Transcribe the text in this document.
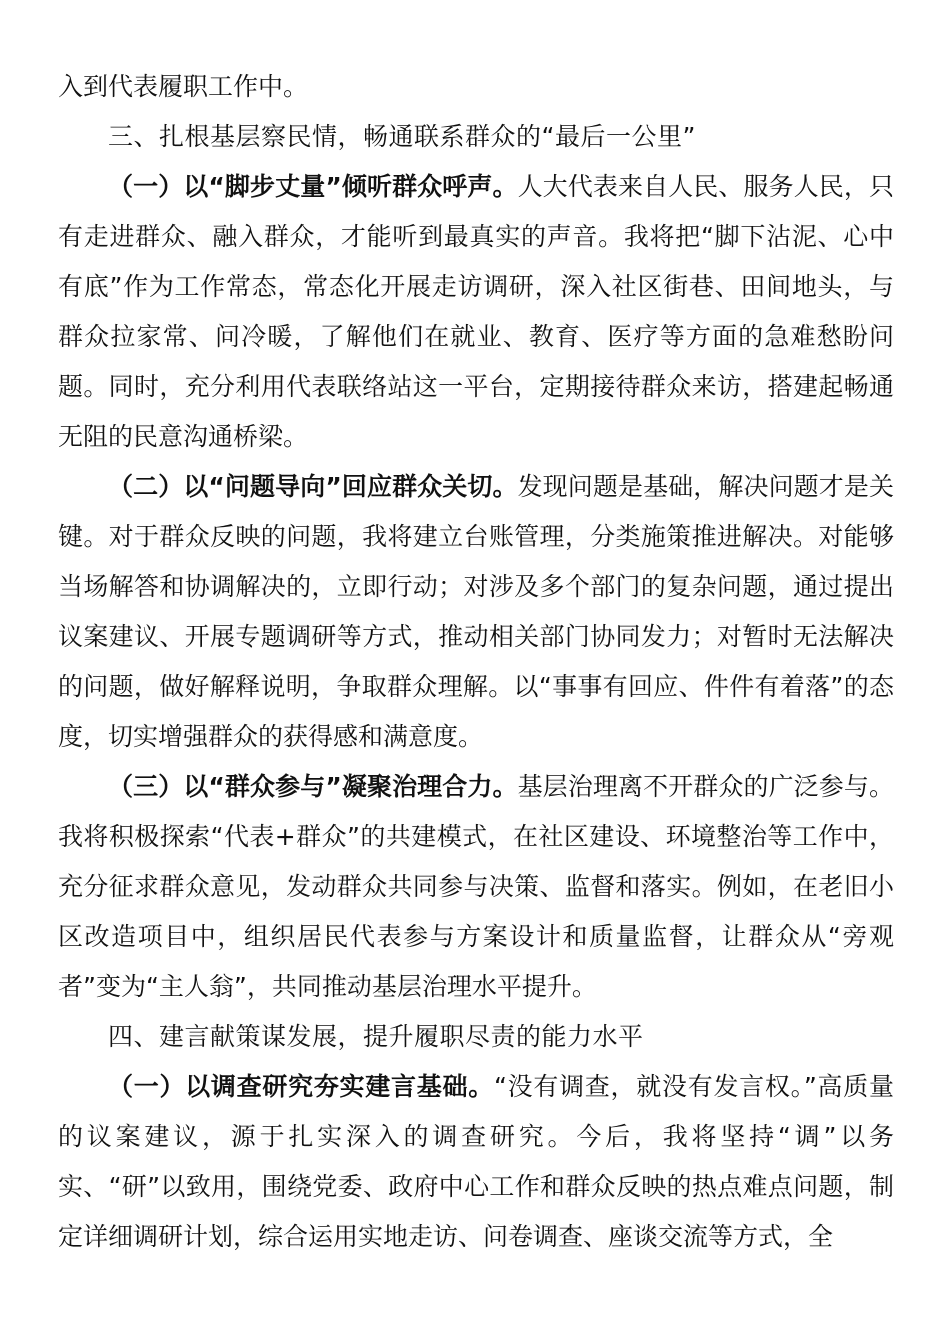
入到代表履职工作中。

三、扎根基层察民情，畅通联系群众的“最后一公里”

（一）以“脚步丈量”倾听群众呼声。人大代表来自人民、服务人民，只有走进群众、融入群众，才能听到最真实的声音。我将把“脚下沾泥、心中有底”作为工作常态，常态化开展走访调研，深入社区街巷、田间地头，与群众拉家常、问冷暖，了解他们在就业、教育、医疗等方面的急难愁盼问题。同时，充分利用代表联络站这一平台，定期接待群众来访，搭建起畅通无阻的民意沟通桥梁。

（二）以“问题导向”回应群众关切。发现问题是基础，解决问题才是关键。对于群众反映的问题，我将建立台账管理，分类施策推进解决。对能够当场解答和协调解决的，立即行动；对涉及多个部门的复杂问题，通过提出议案建议、开展专题调研等方式，推动相关部门协同发力；对暂时无法解决的问题，做好解释说明，争取群众理解。以“事事有回应、件件有着落”的态度，切实增强群众的获得感和满意度。

（三）以“群众参与”凝聚治理合力。基层治理离不开群众的广泛参与。我将积极探索“代表+群众”的共建模式，在社区建设、环境整治等工作中，充分征求群众意见，发动群众共同参与决策、监督和落实。例如，在老旧小区改造项目中，组织居民代表参与方案设计和质量监督，让群众从“旁观者”变为“主人翁”，共同推动基层治理水平提升。

四、建言献策谋发展，提升履职尽责的能力水平

（一）以调查研究夯实建言基础。“没有调查，就没有发言权。”高质量的议案建议，源于扎实深入的调查研究。今后，我将坚持“调”以务实、“研”以致用，围绕党委、政府中心工作和群众反映的热点难点问题，制定详细调研计划，综合运用实地走访、问卷调查、座谈交流等方式，全
